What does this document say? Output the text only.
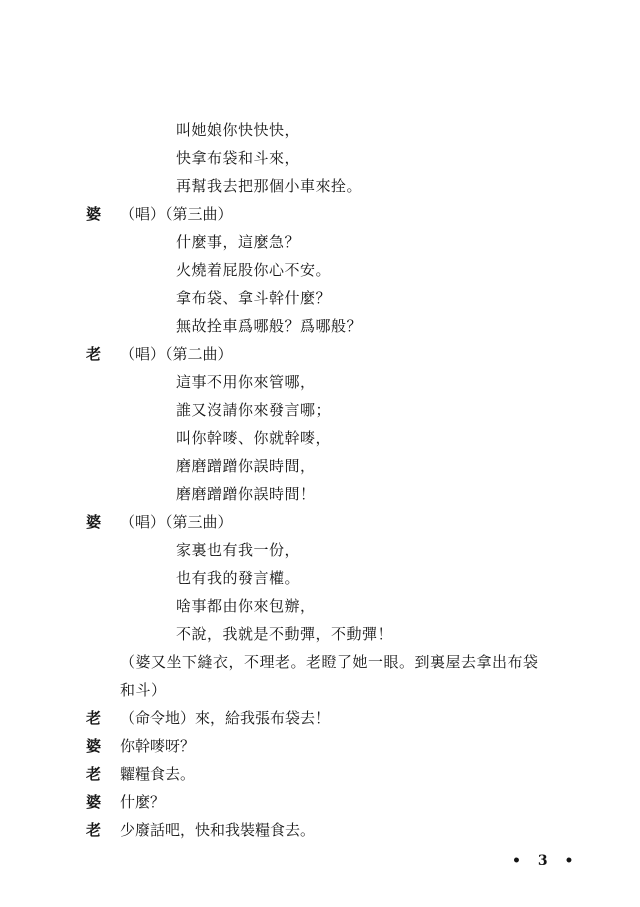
叫她娘你快快快，
快拿布袋和斗來，
再幫我去把那個小車來拴。
婆 （唱）（第三曲）
什麼事，這麼急？
火燒着屁股你心不安。
拿布袋、拿斗幹什麼？
無故拴車爲哪般？爲哪般？
老 （唱）（第二曲）
這事不用你來管哪，
誰又沒請你來發言哪；
叫你幹嘜、你就幹嘜，
磨磨蹭蹭你誤時間，
磨磨蹭蹭你誤時間！
婆 （唱）（第三曲）
家裏也有我一份，
也有我的發言權。
啥事都由你來包辦，
不說，我就是不動彈，不動彈！
（婆又坐下縫衣，不理老。老瞪了她一眼。到裏屋去拿出布袋
和斗）
老 （命令地）來，給我張布袋去！
婆 你幹嘜呀？
老 糶糧食去。
婆 什麼？
老 少廢話吧，快和我裝糧食去。
• 3 •
